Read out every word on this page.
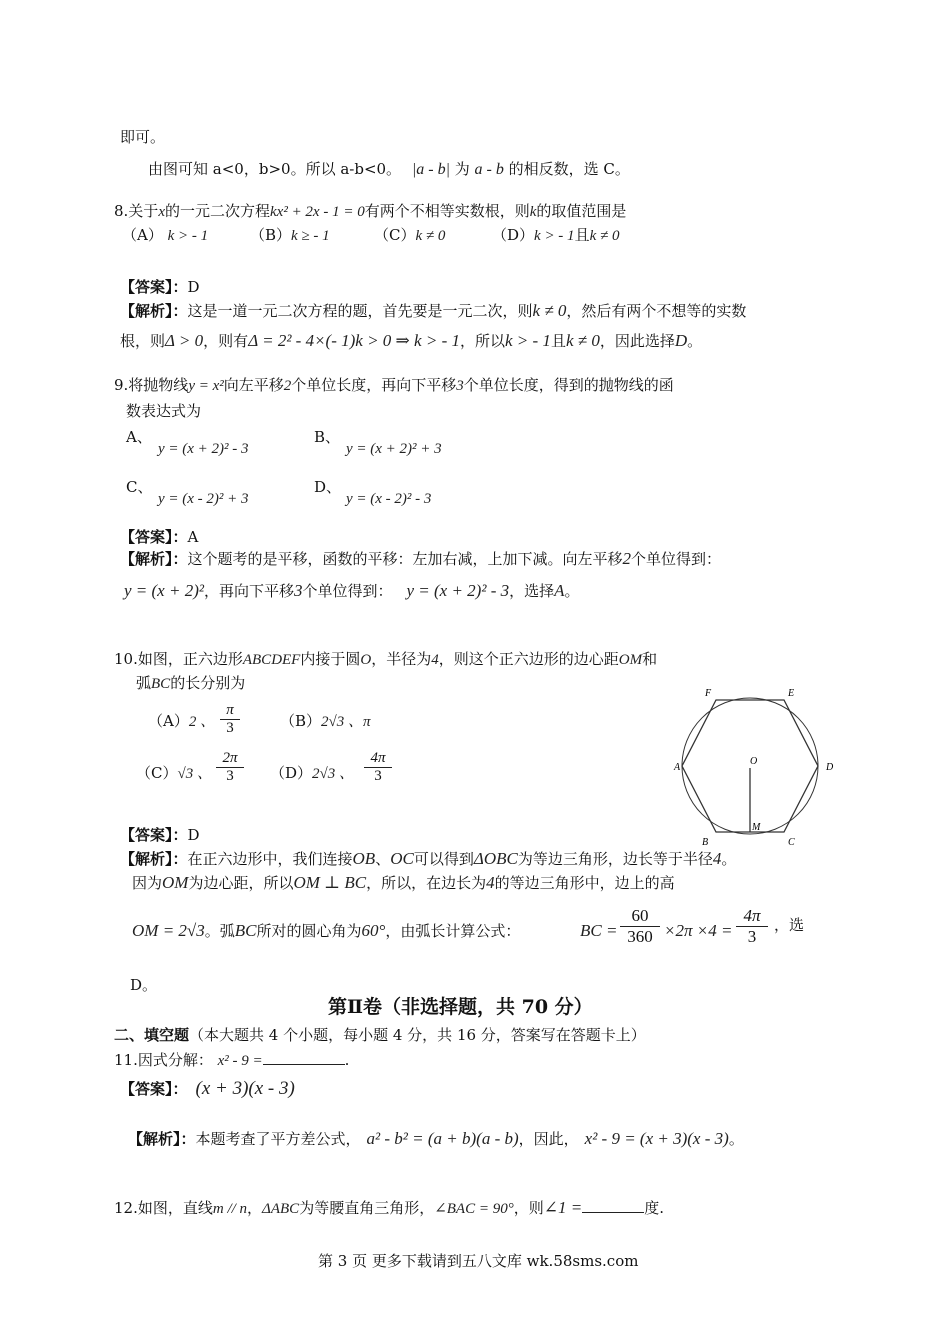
即可。
由图可知 a<0，b>0。所以 a-b<0。 |a - b| 为 a - b 的相反数，选 C。
8.关于x的一元二次方程kx² + 2x - 1 = 0有两个不相等实数根，则k的取值范围是
（A） k > - 1	（B）k ≥ - 1	（C）k ≠ 0	（D）k > - 1且k ≠ 0
【答案】：D
【解析】：这是一道一元二次方程的题，首先要是一元二次，则k ≠ 0，然后有两个不想等的实数
根，则Δ > 0，则有Δ = 2² - 4×(- 1)k > 0 ⇒ k > - 1，所以k > - 1且k ≠ 0，因此选择D。
9.将抛物线y = x²向左平移2个单位长度，再向下平移3个单位长度，得到的抛物线的函
数表达式为
A、
y = (x + 2)² - 3
B、
y = (x + 2)² + 3
C、
y = (x - 2)² + 3
D、
y = (x - 2)² - 3
【答案】：A
【解析】：这个题考的是平移，函数的平移：左加右减，上加下减。向左平移2个单位得到：
y = (x + 2)²，再向下平移3个单位得到： y = (x + 2)² - 3，选择A。
10.如图，正六边形ABCDEF内接于圆O，半径为4，则这个正六边形的边心距OM和
弧BC的长分别为
（A）2 、 $\frac{\pi}{3}$	（B）2√3 、π
（C）√3 、 $\frac{2\pi}{3} (D)2√3$ 、 $\frac{4\pi}{3}$
F	E
A	D
B	C
O
M
【答案】：D
【解析】：在正六边形中，我们连接OB、OC可以得到ΔOBC为等边三角形，边长等于半径4。
因为OM为边心距，所以OM ⊥ BC，所以，在边长为4的等边三角形中，边上的高
OM = 2√3。弧BC所对的圆心角为60°，由弧长计算公式：	BC = $\frac{60}{360} \times 2\pi \times 4 = \frac{4\pi}{3}$ ，选
D。
第Ⅱ卷（非选择题，共 70 分）
二、填空题（本大题共 4 个小题，每小题 4 分，共 16 分，答案写在答题卡上）
11.因式分解： x² - 9 =	.
【答案】： (x + 3)(x - 3)
【解析】：本题考查了平方差公式， a² - b² = (a + b)(a - b)，因此， x² - 9 = (x + 3)(x - 3)。
12.如图，直线m // n，ΔABC为等腰直角三角形，∠BAC = 90°，则∠1 =	度.
第 3 页 更多下载请到五八文库 wk.58sms.com
